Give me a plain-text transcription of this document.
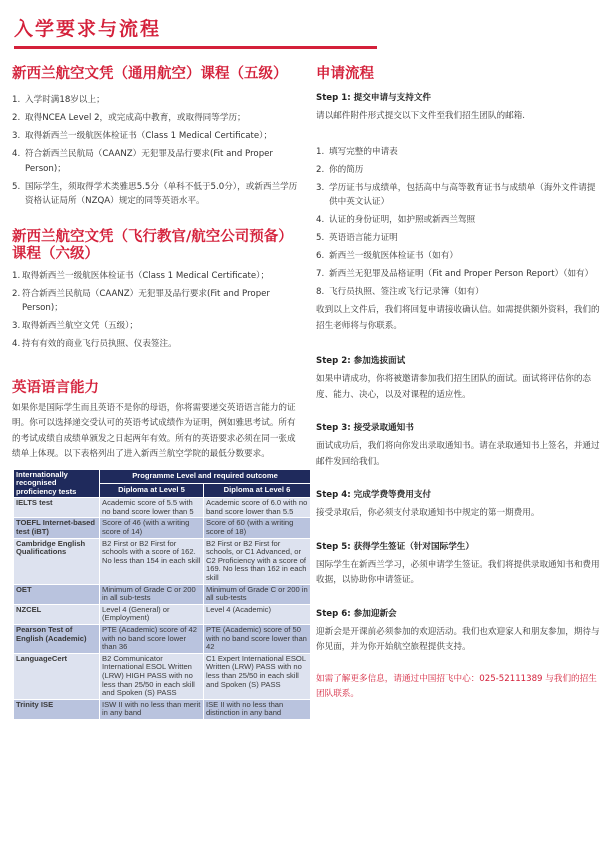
入学要求与流程
新西兰航空文凭（通用航空）课程（五级）
1. 入学时满18岁以上；
2. 取得NCEA Level 2，或完成高中教育，或取得同等学历；
3. 取得新西兰一级航医体检证书（Class 1 Medical Certificate）；
4. 符合新西兰民航局（CAANZ）无犯罪及品行要求(Fit and Proper Person)；
5. 国际学生，须取得学术类雅思5.5分（单科不低于5.0分），或新西兰学历资格认证局所（NZQA）规定的同等英语水平。
新西兰航空文凭（飞行教官/航空公司预备）课程（六级）
1. 取得新西兰一级航医体检证书（Class 1 Medical Certificate）；
2. 符合新西兰民航局（CAANZ）无犯罪及品行要求(Fit and Proper Person)；
3. 取得新西兰航空文凭（五级）；
4. 持有有效的商业飞行员执照、仪表签注。
英语语言能力
如果你是国际学生而且英语不是你的母语，你将需要递交英语语言能力的证明。你可以选择递交受认可的英语考试成绩作为证明，例如雅思考试。所有的考试成绩自成绩单颁发之日起两年有效。所有的英语要求必须在同一张成绩单上体现。以下表格列出了进入新西兰航空学院的最低分数要求。
Internationally recognised proficiency tests	Programme Level and required outcome	
	Diploma at Level 5	Diploma at Level 6
IELTS test	Academic score of 5.5 with no band score lower than 5	Academic score of 6.0 with no band score lower than 5.5
TOEFL Internet-based test (iBT)	Score of 46 (with a writing score of 14)	Score of 60 (with a writing score of 18)
Cambridge English Qualifications	B2 First or B2 First for schools with a score of 162. No less than 154 in each skill	B2 First or B2 First for schools, or C1 Advanced, or C2 Proficiency with a score of 169. No less than 162 in each skill
OET	Minimum of Grade C or 200 in all sub-tests	Minimum of Grade C or 200 in all sub-tests
NZCEL	Level 4 (General) or (Employment)	Level 4 (Academic)
Pearson Test of English (Academic)	PTE (Academic) score of 42 with no band score lower than 36	PTE (Academic) score of 50 with no band score lower than 42
LanguageCert	B2 Communicator International ESOL Written (LRW) HIGH PASS with no less than 25/50 in each skill and Spoken (S) PASS	C1 Expert International ESOL Written (LRW) PASS with no less than 25/50 in each skill and Spoken (S) PASS
Trinity ISE	ISW II with no less than merit in any band	ISE II with no less than distinction in any band
申请流程
Step 1: 提交申请与支持文件
请以邮件附件形式提交以下文件至我们招生团队的邮箱.
1. 填写完整的申请表
2. 你的简历
3. 学历证书与成绩单，包括高中与高等教育证书与成绩单（海外文件请提供中英文认证）
4. 认证的身份证明，如护照或新西兰驾照
5. 英语语言能力证明
6. 新西兰一级航医体检证书（如有）
7. 新西兰无犯罪及品格证明（Fit and Proper Person Report）（如有）
8. 飞行员执照、签注或飞行记录簿（如有）
收到以上文件后，我们将回复申请接收确认信。如需提供额外资料，我们的招生老师将与你联系。
Step 2: 参加选拔面试
如果申请成功，你将被邀请参加我们招生团队的面试。面试将评估你的态度、能力、决心，以及对课程的适应性。
Step 3: 接受录取通知书
面试成功后，我们将向你发出录取通知书。请在录取通知书上签名，并通过邮件发回给我们。
Step 4: 完成学费等费用支付
接受录取后，你必须支付录取通知书中规定的第一期费用。
Step 5: 获得学生签证（针对国际学生）
国际学生在新西兰学习，必须申请学生签证。我们将提供录取通知书和费用收据，以协助你申请签证。
Step 6: 参加迎新会
迎新会是开课前必须参加的欢迎活动。我们也欢迎家人和朋友参加，期待与你见面，并为你开始航空旅程提供支持。
如需了解更多信息，请通过中国招飞中心：025-52111389 与我们的招生团队联系。
